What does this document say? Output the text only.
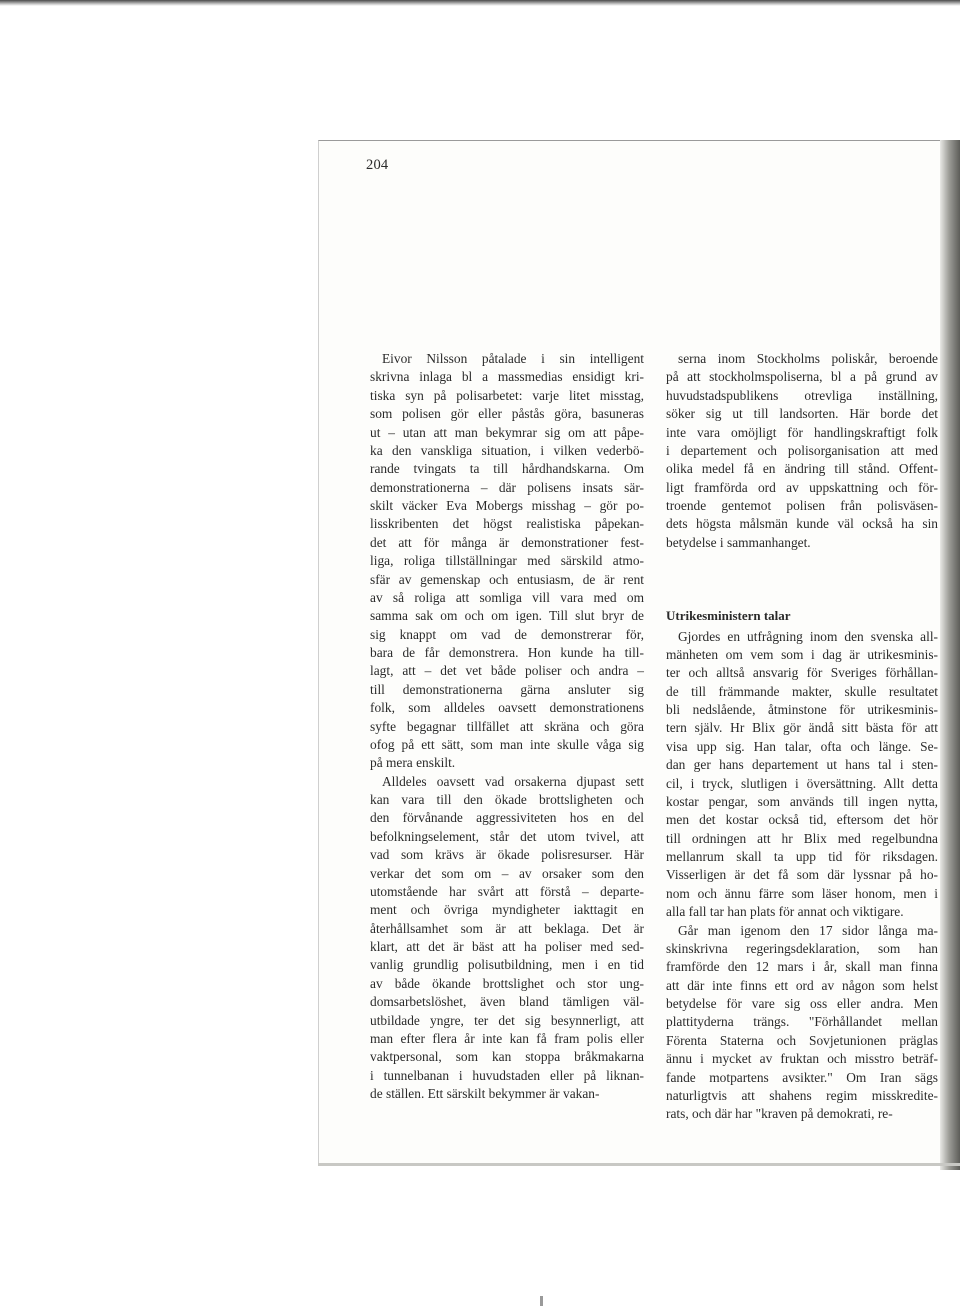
204
Eivor Nilsson påtalade i sin intelligent
skrivna inlaga bl a massmedias ensidigt kri-
tiska syn på polisarbetet: varje litet misstag,
som polisen gör eller påstås göra, basuneras
ut – utan att man bekymrar sig om att påpe-
ka den vanskliga situation, i vilken vederbö-
rande tvingats ta till hårdhandskarna. Om
demonstrationerna – där polisens insats sär-
skilt väcker Eva Mobergs misshag – gör po-
lisskribenten det högst realistiska påpekan-
det att för många är demonstrationer fest-
liga, roliga tillställningar med särskild atmo-
sfär av gemenskap och entusiasm, de är rent
av så roliga att somliga vill vara med om
samma sak om och om igen. Till slut bryr de
sig knappt om vad de demonstrerar för,
bara de får demonstrera. Hon kunde ha till-
lagt, att – det vet både poliser och andra –
till demonstrationerna gärna ansluter sig
folk, som alldeles oavsett demonstrationens
syfte begagnar tillfället att skräna och göra
ofog på ett sätt, som man inte skulle våga sig
på mera enskilt.
Alldeles oavsett vad orsakerna djupast sett
kan vara till den ökade brottsligheten och
den förvånande aggressiviteten hos en del
befolkningselement, står det utom tvivel, att
vad som krävs är ökade polisresurser. Här
verkar det som om – av orsaker som den
utomstående har svårt att förstå – departe-
ment och övriga myndigheter iakttagit en
återhållsamhet som är att beklaga. Det är
klart, att det är bäst att ha poliser med sed-
vanlig grundlig polisutbildning, men i en tid
av både ökande brottslighet och stor ung-
domsarbetslöshet, även bland tämligen väl-
utbildade yngre, ter det sig besynnerligt, att
man efter flera år inte kan få fram polis eller
vaktpersonal, som kan stoppa bråkmakarna
i tunnelbanan i huvudstaden eller på liknan-
de ställen. Ett särskilt bekymmer är vakan-
serna inom Stockholms poliskår, beroende
på att stockholmspoliserna, bl a på grund av
huvudstadspublikens otrevliga inställning,
söker sig ut till landsorten. Här borde det
inte vara omöjligt för handlingskraftigt folk
i departement och polisorganisation att med
olika medel få en ändring till stånd. Offent-
ligt framförda ord av uppskattning och för-
troende gentemot polisen från polisväsen-
dets högsta målsmän kunde väl också ha sin
betydelse i sammanhanget.
Utrikesministern talar
Gjordes en utfrågning inom den svenska all-
mänheten om vem som i dag är utrikesminis-
ter och alltså ansvarig för Sveriges förhållan-
de till främmande makter, skulle resultatet
bli nedslående, åtminstone för utrikesminis-
tern själv. Hr Blix gör ändå sitt bästa för att
visa upp sig. Han talar, ofta och länge. Se-
dan ger hans departement ut hans tal i sten-
cil, i tryck, slutligen i översättning. Allt detta
kostar pengar, som används till ingen nytta,
men det kostar också tid, eftersom det hör
till ordningen att hr Blix med regelbundna
mellanrum skall ta upp tid för riksdagen.
Visserligen är det få som där lyssnar på ho-
nom och ännu färre som läser honom, men i
alla fall tar han plats för annat och viktigare.
Går man igenom den 17 sidor långa ma-
skinskrivna regeringsdeklaration, som han
framförde den 12 mars i år, skall man finna
att där inte finns ett ord av någon som helst
betydelse för vare sig oss eller andra. Men
plattityderna trängs. "Förhållandet mellan
Förenta Staterna och Sovjetunionen präglas
ännu i mycket av fruktan och misstro beträf-
fande motpartens avsikter." Om Iran sägs
naturligtvis att shahens regim misskredite-
rats, och där har "kraven på demokrati, re-
